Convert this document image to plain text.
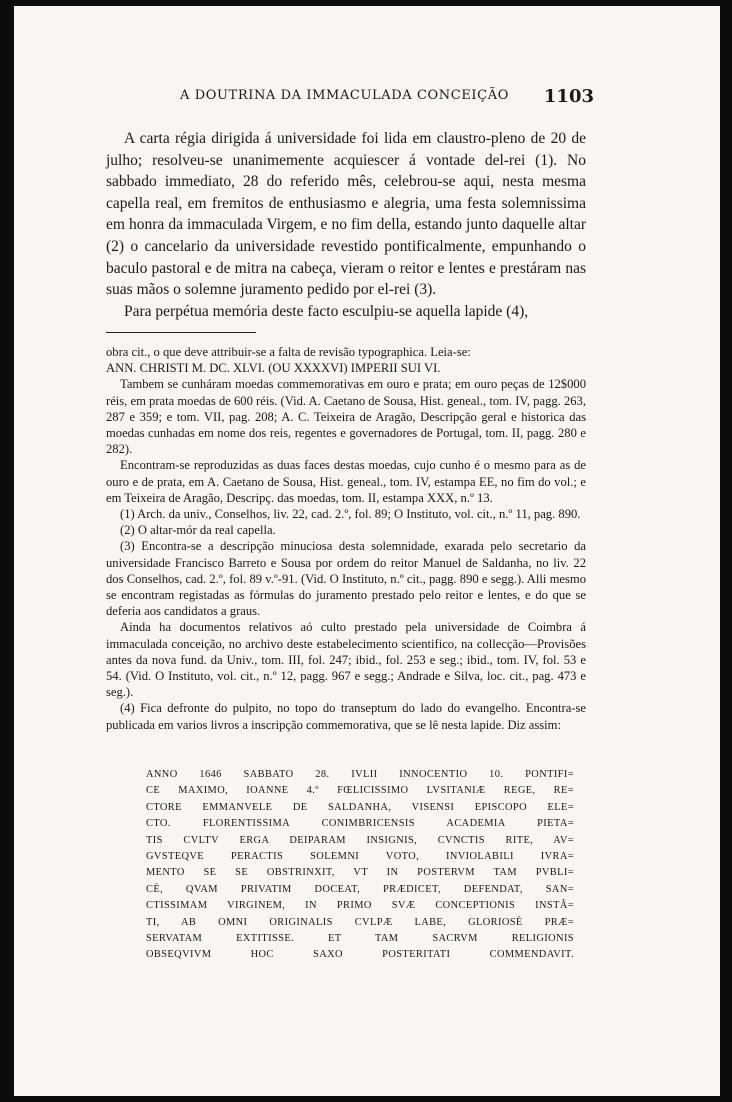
A DOUTRINA DA IMMACULADA CONCEIÇÃO 1103

A carta régia dirigida á universidade foi lida em claustro-pleno de 20 de julho; resolveu-se unanimemente acquiescer á vontade del-rei (1). No sabbado immediato, 28 do referido mês, celebrou-se aqui, nesta mesma capella real, em fremitos de enthusiasmo e alegria, uma festa solemnissima em honra da immaculada Virgem, e no fim della, estando junto daquelle altar (2) o cancelario da universidade revestido pontificalmente, empunhando o baculo pastoral e de mitra na cabeça, vieram o reitor e lentes e prestáram nas suas mãos o solemne juramento pedido por el-rei (3).

Para perpétua memória deste facto esculpiu-se aquella lapide (4),

obra cit., o que deve attribuir-se a falta de revisão typographica. Leia-se:

ANN. CHRISTI M. DC. XLVI. (OU XXXXVI) IMPERII SUI VI.

Tambem se cunháram moedas commemorativas em ouro e prata; em ouro peças de 12$000 réis, em prata moedas de 600 réis. (Vid. A. Caetano de Sousa, Hist. geneal., tom. IV, pagg. 263, 287 e 359; e tom. VII, pag. 208; A. C. Teixeira de Aragão, Descripção geral e historica das moedas cunhadas em nome dos reis, regentes e governadores de Portugal, tom. II, pagg. 280 e 282).

Encontram-se reproduzidas as duas faces destas moedas, cujo cunho é o mesmo para as de ouro e de prata, em A. Caetano de Sousa, Hist. geneal., tom. IV, estampa EE, no fim do vol.; e em Teixeira de Aragão, Descripç. das moedas, tom. II, estampa XXX, n.º 13.

(1) Arch. da univ., Conselhos, liv. 22, cad. 2.º, fol. 89; O Instituto, vol. cit., n.º 11, pag. 890.

(2) O altar-mór da real capella.

(3) Encontra-se a descripção minuciosa desta solemnidade, exarada pelo secretario da universidade Francisco Barreto e Sousa por ordem do reitor Manuel de Saldanha, no liv. 22 dos Conselhos, cad. 2.º, fol. 89 v.º-91. (Vid. O Instituto, n.º cit., pagg. 890 e segg.). Alli mesmo se encontram registadas as fórmulas do juramento prestado pelo reitor e lentes, e do que se deferia aos candidatos a graus.

Ainda ha documentos relativos aó culto prestado pela universidade de Coimbra á immaculada conceição, no archivo deste estabelecimento scientifico, na collecção—Provisões antes da nova fund. da Univ., tom. III, fol. 247; ibid., fol. 253 e seg.; ibid., tom. IV, fol. 53 e 54. (Vid. O Instituto, vol. cit., n.º 12, pagg. 967 e segg.; Andrade e Silva, loc. cit., pag. 473 e seg.).

(4) Fica defronte do pulpito, no topo do transeptum do lado do evangelho. Encontra-se publicada em varios livros a inscripção commemorativa, que se lê nesta lapide. Diz assim:

ANNO 1646 SABBATO 28. IVLII INNOCENTIO 10. PONTIFI=
CE MAXIMO, IOANNE 4.º FŒLICISSIMO LVSITANIÆ REGE, RE=
CTORE EMMANVELE DE SALDANHA, VISENSI EPISCOPO ELE=
CTO. FLORENTISSIMA CONIMBRICENSIS ACADEMIA PIETA=
TIS CVLTV ERGA DEIPARAM INSIGNIS, CVNCTIS RITE, AV=
GVSTEQVE PERACTIS SOLEMNI VOTO, INVIOLABILI IVRA=
MENTO SE SE OBSTRINXIT, VT IN POSTERVM TAM PVBLI=
CÈ, QVAM PRIVATIM DOCEAT, PRÆDICET, DEFENDAT, SAN=
CTISSIMAM VIRGINEM, IN PRIMO SVÆ CONCEPTIONIS INSTÃ=
TI, AB OMNI ORIGINALIS CVLPÆ LABE, GLORIOSÈ PRÆ=
SERVATAM EXTITISSE. ET TAM SACRVM RELIGIONIS
OBSEQVIVM HOC SAXO POSTERITATI COMMENDAVIT.
